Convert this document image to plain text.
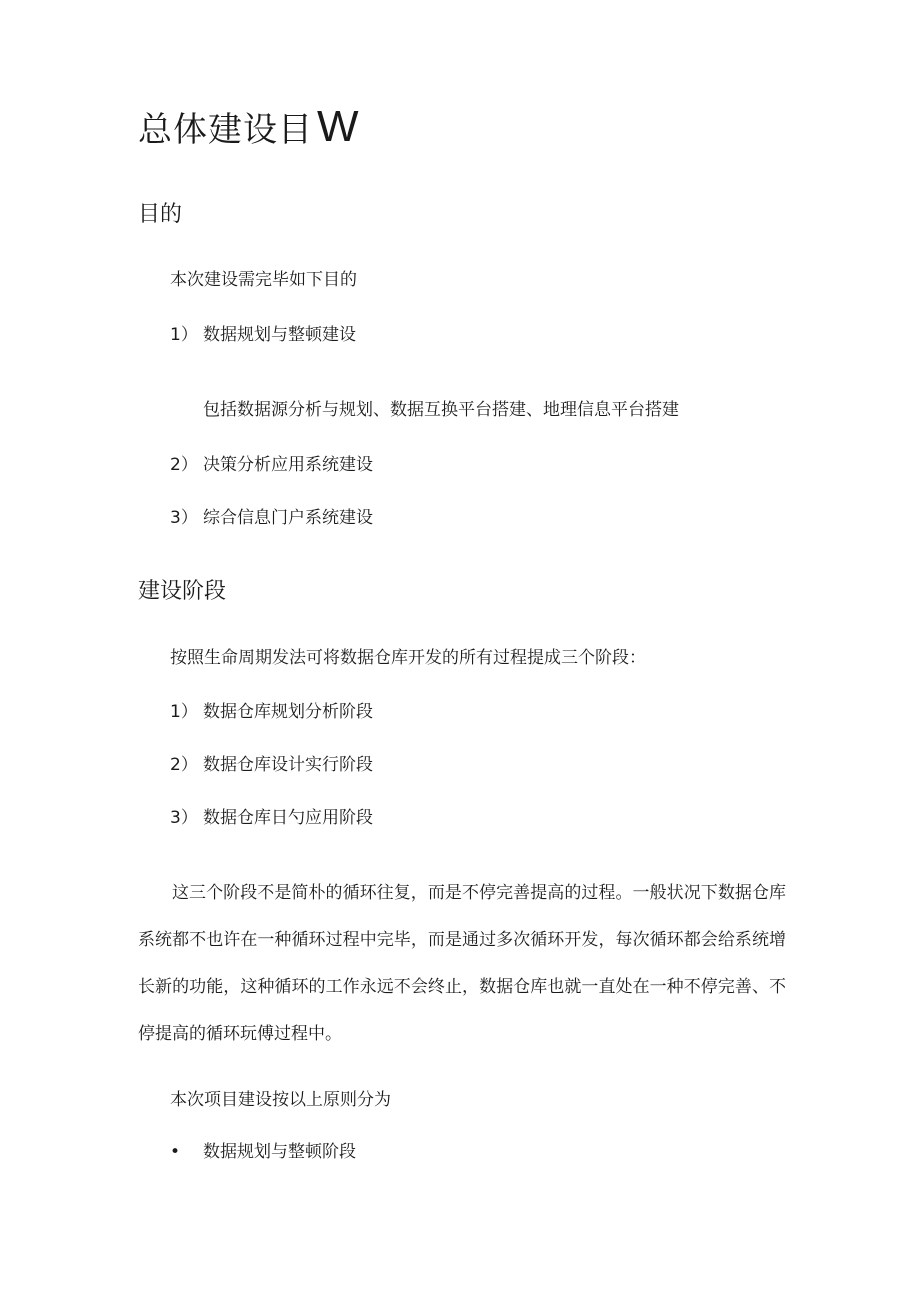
总体建设目W
目的
本次建设需完毕如下目的
1） 数据规划与整顿建设
包括数据源分析与规划、数据互换平台搭建、地理信息平台搭建
2） 决策分析应用系统建设
3） 综合信息门户系统建设
建设阶段
按照生命周期发法可将数据仓库开发的所有过程提成三个阶段：
1） 数据仓库规划分析阶段
2） 数据仓库设计实行阶段
3） 数据仓库日勺应用阶段
这三个阶段不是简朴的循环往复，而是不停完善提高的过程。一般状况下数据仓库系统都不也许在一种循环过程中完毕，而是通过多次循环开发，每次循环都会给系统增长新的功能，这种循环的工作永远不会终止，数据仓库也就一直处在一种不停完善、不停提高的循环玩傅过程中。
本次项目建设按以上原则分为
• 数据规划与整顿阶段
